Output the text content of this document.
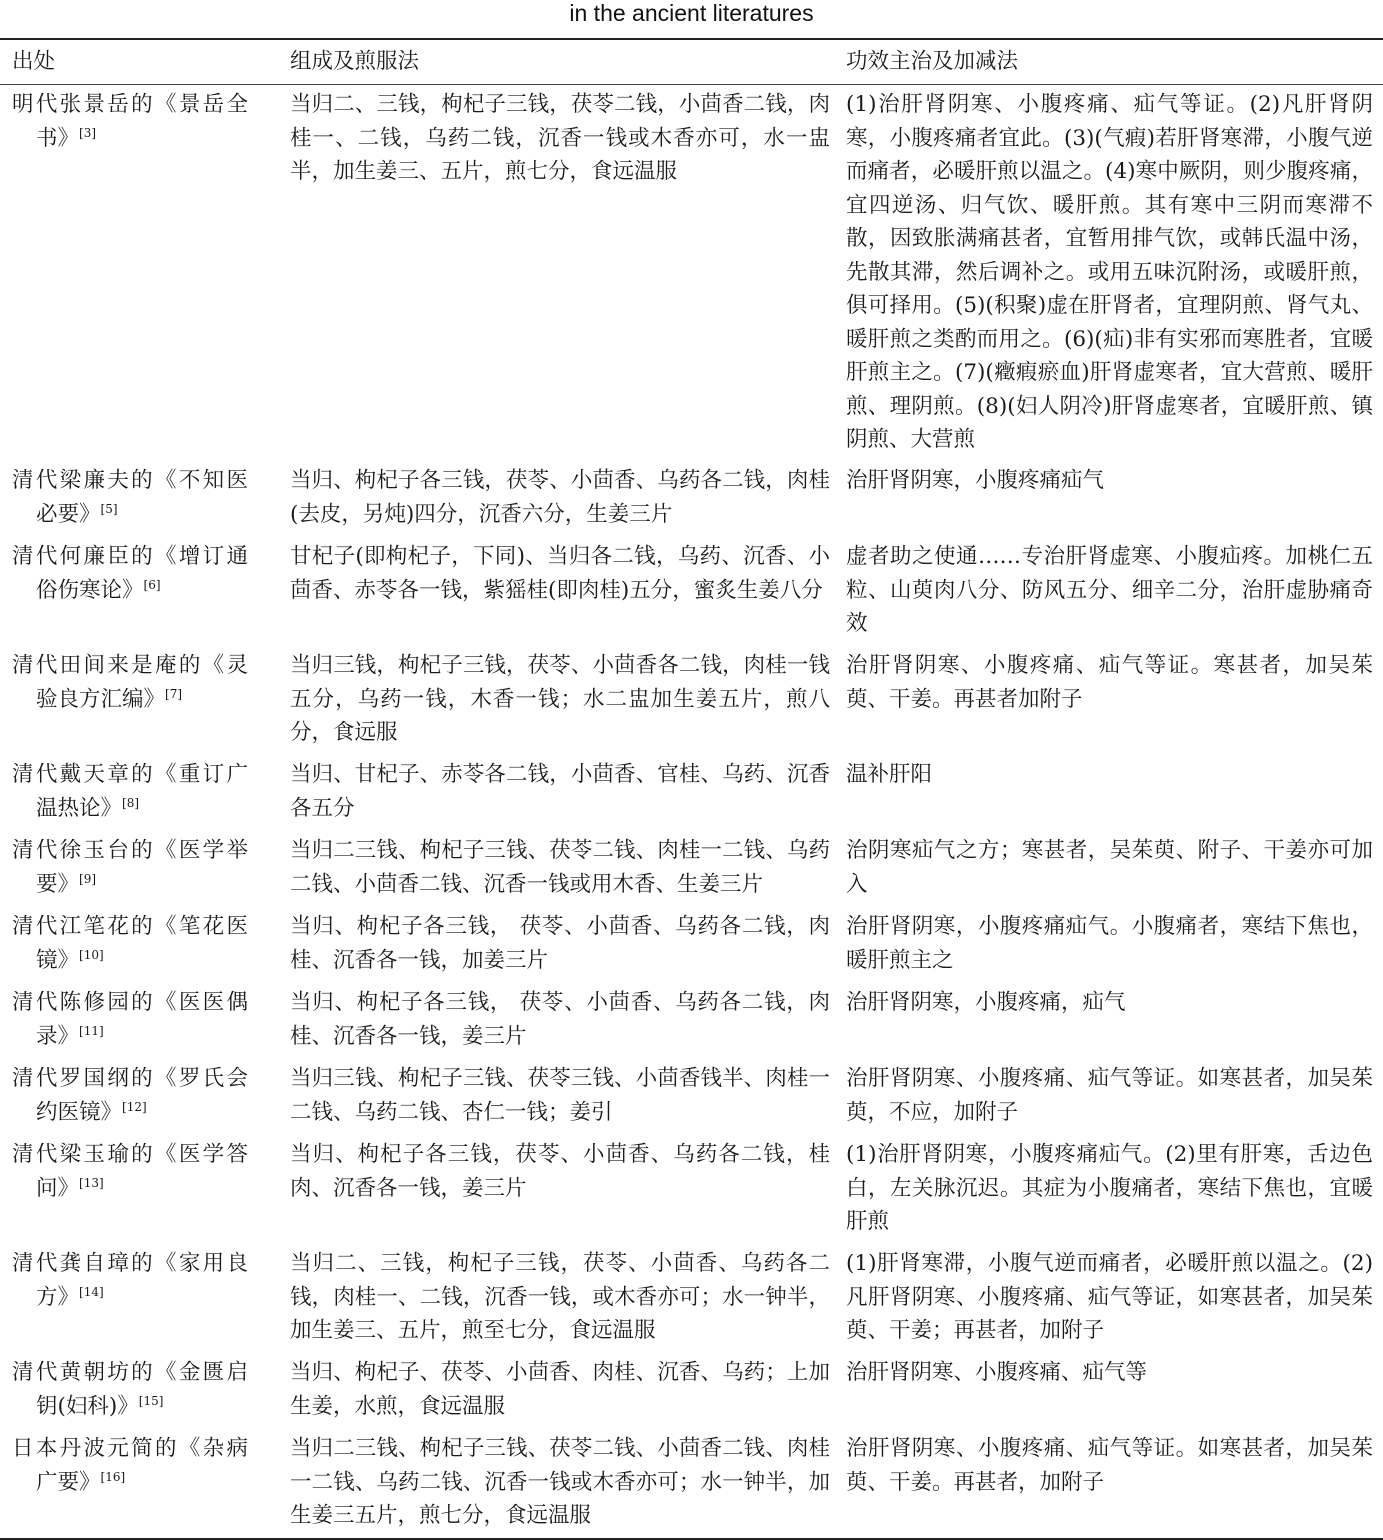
in the ancient literatures
出处	组成及煎服法	功效主治及加减法
明代张景岳的《景岳全书》[3]
当归二、三钱，枸杞子三钱，茯苓二钱，小茴香二钱，肉桂一、二钱，乌药二钱，沉香一钱或木香亦可，水一盅半，加生姜三、五片，煎七分，食远温服
(1)治肝肾阴寒、小腹疼痛、疝气等证。(2)凡肝肾阴寒，小腹疼痛者宜此。(3)(气瘕)若肝肾寒滞，小腹气逆而痛者，必暖肝煎以温之。(4)寒中厥阴，则少腹疼痛，宜四逆汤、归气饮、暖肝煎。其有寒中三阴而寒滞不散，因致胀满痛甚者，宜暂用排气饮，或韩氏温中汤，先散其滞，然后调补之。或用五味沉附汤，或暖肝煎，俱可择用。(5)(积聚)虚在肝肾者，宜理阴煎、肾气丸、暖肝煎之类酌而用之。(6)(疝)非有实邪而寒胜者，宜暖肝煎主之。(7)(癥瘕瘀血)肝肾虚寒者，宜大营煎、暖肝煎、理阴煎。(8)(妇人阴冷)肝肾虚寒者，宜暖肝煎、镇阴煎、大营煎
清代梁廉夫的《不知医必要》[5]
当归、枸杞子各三钱，茯苓、小茴香、乌药各二钱，肉桂(去皮，另炖)四分，沉香六分，生姜三片
治肝肾阴寒，小腹疼痛疝气
清代何廉臣的《增订通俗伤寒论》[6]
甘杞子(即枸杞子，下同)、当归各二钱，乌药、沉香、小茴香、赤苓各一钱，紫猺桂(即肉桂)五分，蜜炙生姜八分
虚者助之使通……专治肝肾虚寒、小腹疝疼。加桃仁五粒、山萸肉八分、防风五分、细辛二分，治肝虚胁痛奇效
清代田间来是庵的《灵验良方汇编》[7]
当归三钱，枸杞子三钱，茯苓、小茴香各二钱，肉桂一钱五分，乌药一钱，木香一钱；水二盅加生姜五片，煎八分，食远服
治肝肾阴寒、小腹疼痛、疝气等证。寒甚者，加吴茱萸、干姜。再甚者加附子
清代戴天章的《重订广温热论》[8]
当归、甘杞子、赤苓各二钱，小茴香、官桂、乌药、沉香各五分
温补肝阳
清代徐玉台的《医学举要》[9]
当归二三钱、枸杞子三钱、茯苓二钱、肉桂一二钱、乌药二钱、小茴香二钱、沉香一钱或用木香、生姜三片
治阴寒疝气之方；寒甚者，吴茱萸、附子、干姜亦可加入
清代江笔花的《笔花医镜》[10]
当归、枸杞子各三钱， 茯苓、小茴香、乌药各二钱，肉桂、沉香各一钱，加姜三片
治肝肾阴寒，小腹疼痛疝气。小腹痛者，寒结下焦也，暖肝煎主之
清代陈修园的《医医偶录》[11]
当归、枸杞子各三钱， 茯苓、小茴香、乌药各二钱，肉桂、沉香各一钱，姜三片
治肝肾阴寒，小腹疼痛，疝气
清代罗国纲的《罗氏会约医镜》[12]
当归三钱、枸杞子三钱、茯苓三钱、小茴香钱半、肉桂一二钱、乌药二钱、杏仁一钱；姜引
治肝肾阴寒、小腹疼痛、疝气等证。如寒甚者，加吴茱萸，不应，加附子
清代梁玉瑜的《医学答问》[13]
当归、枸杞子各三钱，茯苓、小茴香、乌药各二钱，桂肉、沉香各一钱，姜三片
(1)治肝肾阴寒，小腹疼痛疝气。(2)里有肝寒，舌边色白，左关脉沉迟。其症为小腹痛者，寒结下焦也，宜暖肝煎
清代龚自璋的《家用良方》[14]
当归二、三钱，枸杞子三钱，茯苓、小茴香、乌药各二钱，肉桂一、二钱，沉香一钱，或木香亦可；水一钟半，加生姜三、五片，煎至七分，食远温服
(1)肝肾寒滞，小腹气逆而痛者，必暖肝煎以温之。(2)凡肝肾阴寒、小腹疼痛、疝气等证，如寒甚者，加吴茱萸、干姜；再甚者，加附子
清代黄朝坊的《金匮启钥(妇科)》[15]
当归、枸杞子、茯苓、小茴香、肉桂、沉香、乌药；上加生姜，水煎，食远温服
治肝肾阴寒、小腹疼痛、疝气等
日本丹波元简的《杂病广要》[16]
当归二三钱、枸杞子三钱、茯苓二钱、小茴香二钱、肉桂一二钱、乌药二钱、沉香一钱或木香亦可；水一钟半，加生姜三五片，煎七分，食远温服
治肝肾阴寒、小腹疼痛、疝气等证。如寒甚者，加吴茱萸、干姜。再甚者，加附子
